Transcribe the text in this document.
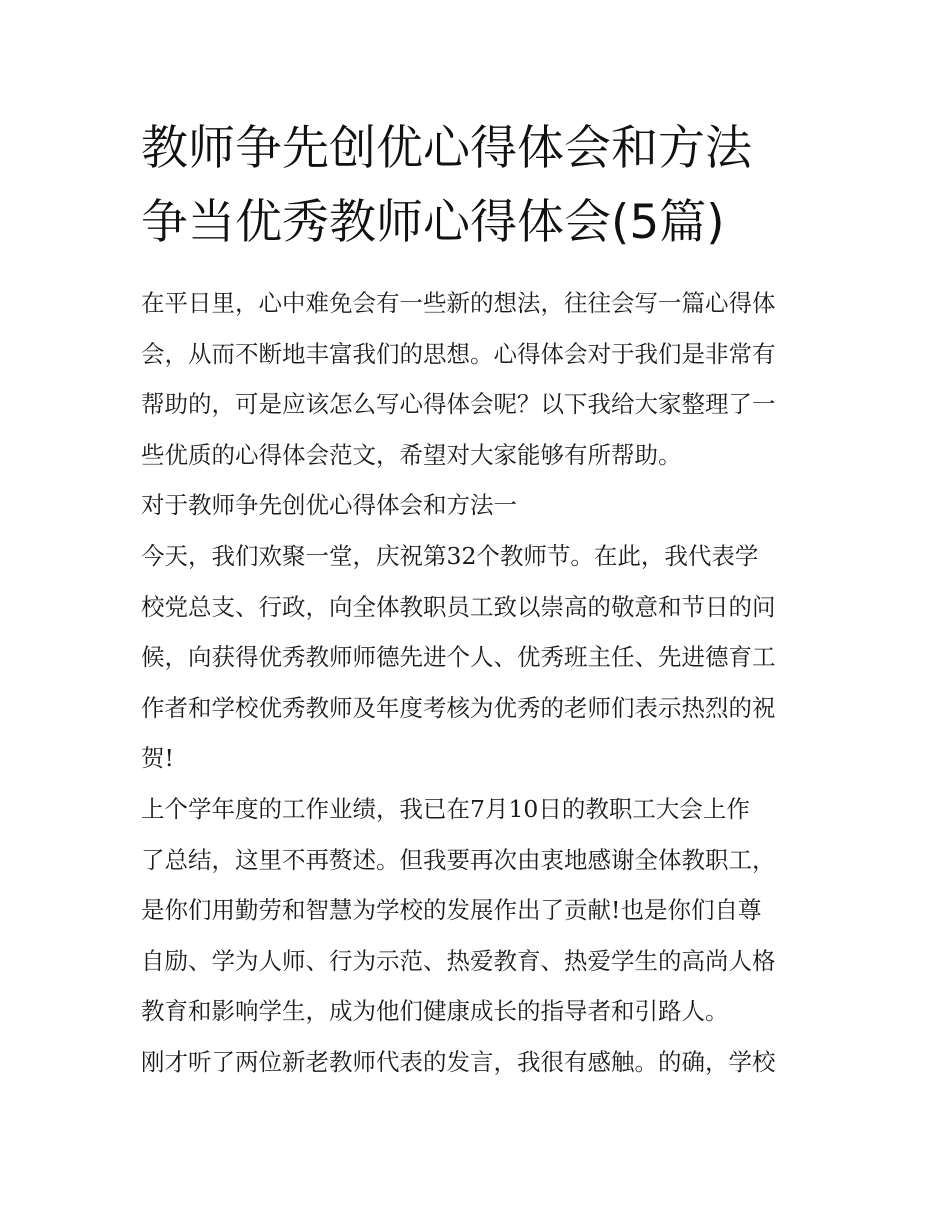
教师争先创优心得体会和方法
争当优秀教师心得体会(5篇)

在平日里，心中难免会有一些新的想法，往往会写一篇心得体
会，从而不断地丰富我们的思想。心得体会对于我们是非常有
帮助的，可是应该怎么写心得体会呢？以下我给大家整理了一
些优质的心得体会范文，希望对大家能够有所帮助。

对于教师争先创优心得体会和方法一

今天，我们欢聚一堂，庆祝第32个教师节。在此，我代表学
校党总支、行政，向全体教职员工致以崇高的敬意和节日的问
候，向获得优秀教师师德先进个人、优秀班主任、先进德育工
作者和学校优秀教师及年度考核为优秀的老师们表示热烈的祝
贺!

上个学年度的工作业绩，我已在7月10日的教职工大会上作
了总结，这里不再赘述。但我要再次由衷地感谢全体教职工，
是你们用勤劳和智慧为学校的发展作出了贡献!也是你们自尊
自励、学为人师、行为示范、热爱教育、热爱学生的高尚人格
教育和影响学生，成为他们健康成长的指导者和引路人。

刚才听了两位新老教师代表的发言，我很有感触。的确，学校
